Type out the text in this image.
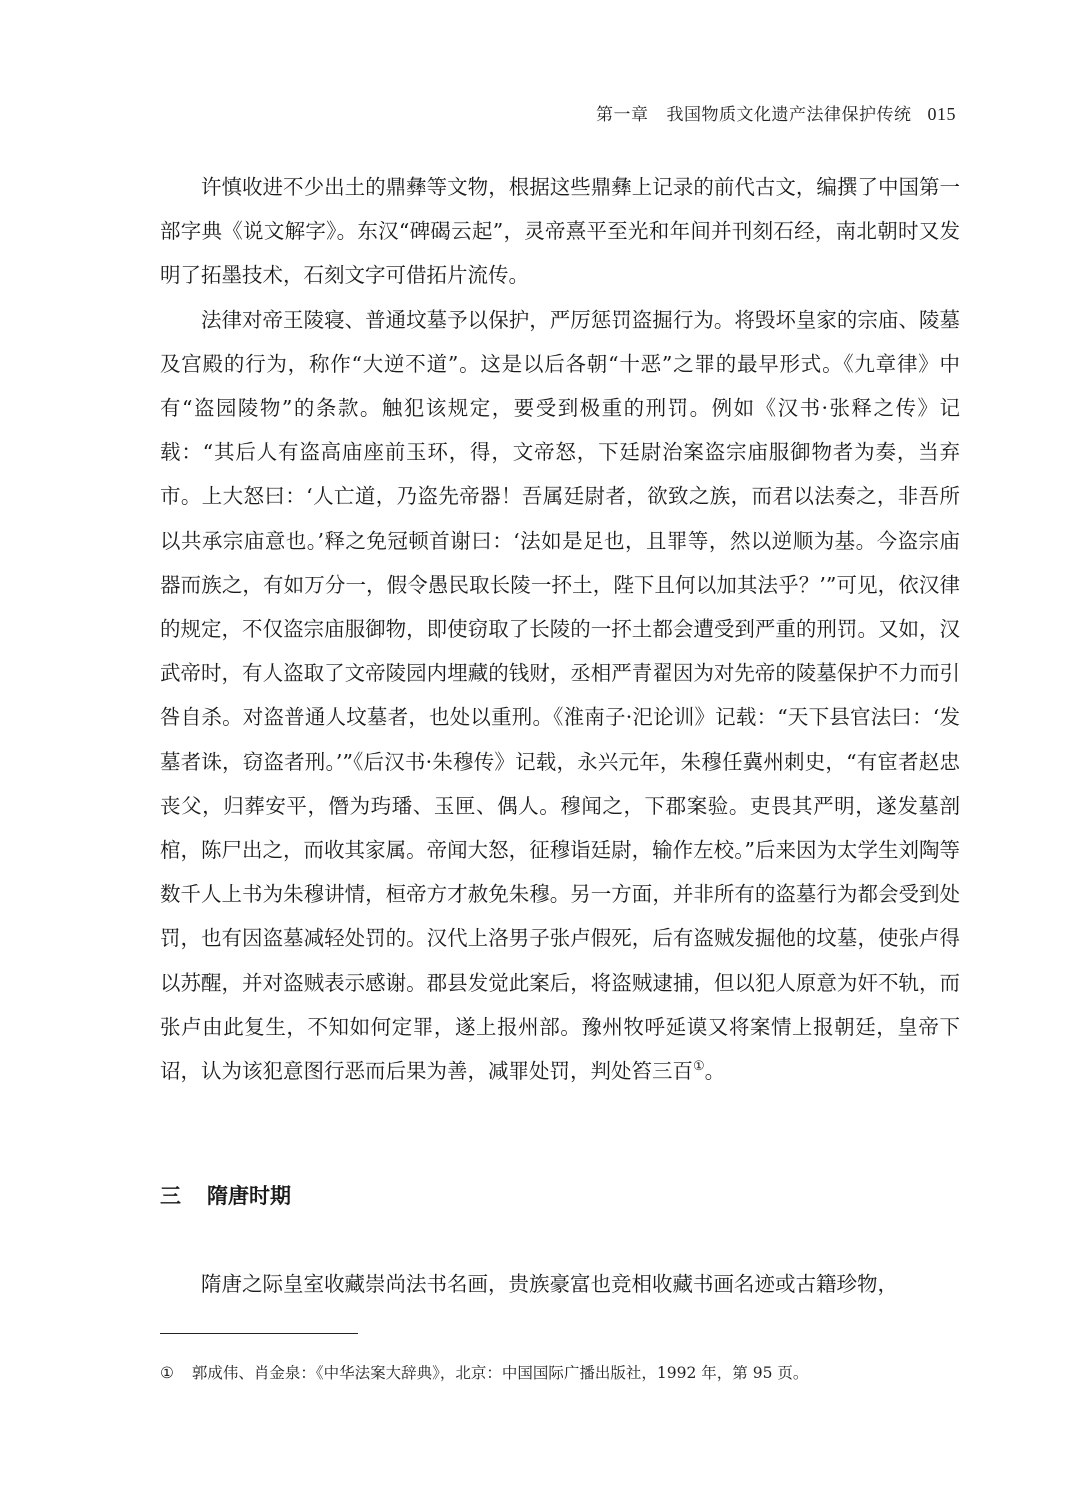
第一章 我国物质文化遗产法律保护传统 015

许慎收进不少出土的鼎彝等文物，根据这些鼎彝上记录的前代古文，编撰了中国第一部字典《说文解字》。东汉“碑碣云起”，灵帝熹平至光和年间并刊刻石经，南北朝时又发明了拓墨技术，石刻文字可借拓片流传。

法律对帝王陵寝、普通坟墓予以保护，严厉惩罚盗掘行为。将毁坏皇家的宗庙、陵墓及宫殿的行为，称作“大逆不道”。这是以后各朝“十恶”之罪的最早形式。《九章律》中有“盗园陵物”的条款。触犯该规定，要受到极重的刑罚。例如《汉书·张释之传》记载：“其后人有盗高庙座前玉环，得，文帝怒，下廷尉治案盗宗庙服御物者为奏，当弃市。上大怒曰：‘人亡道，乃盗先帝器！吾属廷尉者，欲致之族，而君以法奏之，非吾所以共承宗庙意也。’释之免冠顿首谢曰：‘法如是足也，且罪等，然以逆顺为基。今盗宗庙器而族之，有如万分一，假令愚民取长陵一抔土，陛下且何以加其法乎？’”可见，依汉律的规定，不仅盗宗庙服御物，即使窃取了长陵的一抔土都会遭受到严重的刑罚。又如，汉武帝时，有人盗取了文帝陵园内埋藏的钱财，丞相严青翟因为对先帝的陵墓保护不力而引咎自杀。对盗普通人坟墓者，也处以重刑。《淮南子·汜论训》记载：“天下县官法曰：‘发墓者诛，窃盗者刑。’”《后汉书·朱穆传》记载，永兴元年，朱穆任冀州刺史，“有宦者赵忠丧父，归葬安平，僭为玙璠、玉匣、偶人。穆闻之，下郡案验。吏畏其严明，遂发墓剖棺，陈尸出之，而收其家属。帝闻大怒，征穆诣廷尉，输作左校。”后来因为太学生刘陶等数千人上书为朱穆讲情，桓帝方才赦免朱穆。另一方面，并非所有的盗墓行为都会受到处罚，也有因盗墓减轻处罚的。汉代上洛男子张卢假死，后有盗贼发掘他的坟墓，使张卢得以苏醒，并对盗贼表示感谢。郡县发觉此案后，将盗贼逮捕，但以犯人原意为奸不轨，而张卢由此复生，不知如何定罪，遂上报州部。豫州牧呼延谟又将案情上报朝廷，皇帝下诏，认为该犯意图行恶而后果为善，减罪处罚，判处笞三百①。

三 隋唐时期

隋唐之际皇室收藏崇尚法书名画，贵族豪富也竞相收藏书画名迹或古籍珍物，

① 郭成伟、肖金泉：《中华法案大辞典》，北京：中国国际广播出版社，1992 年，第 95 页。
